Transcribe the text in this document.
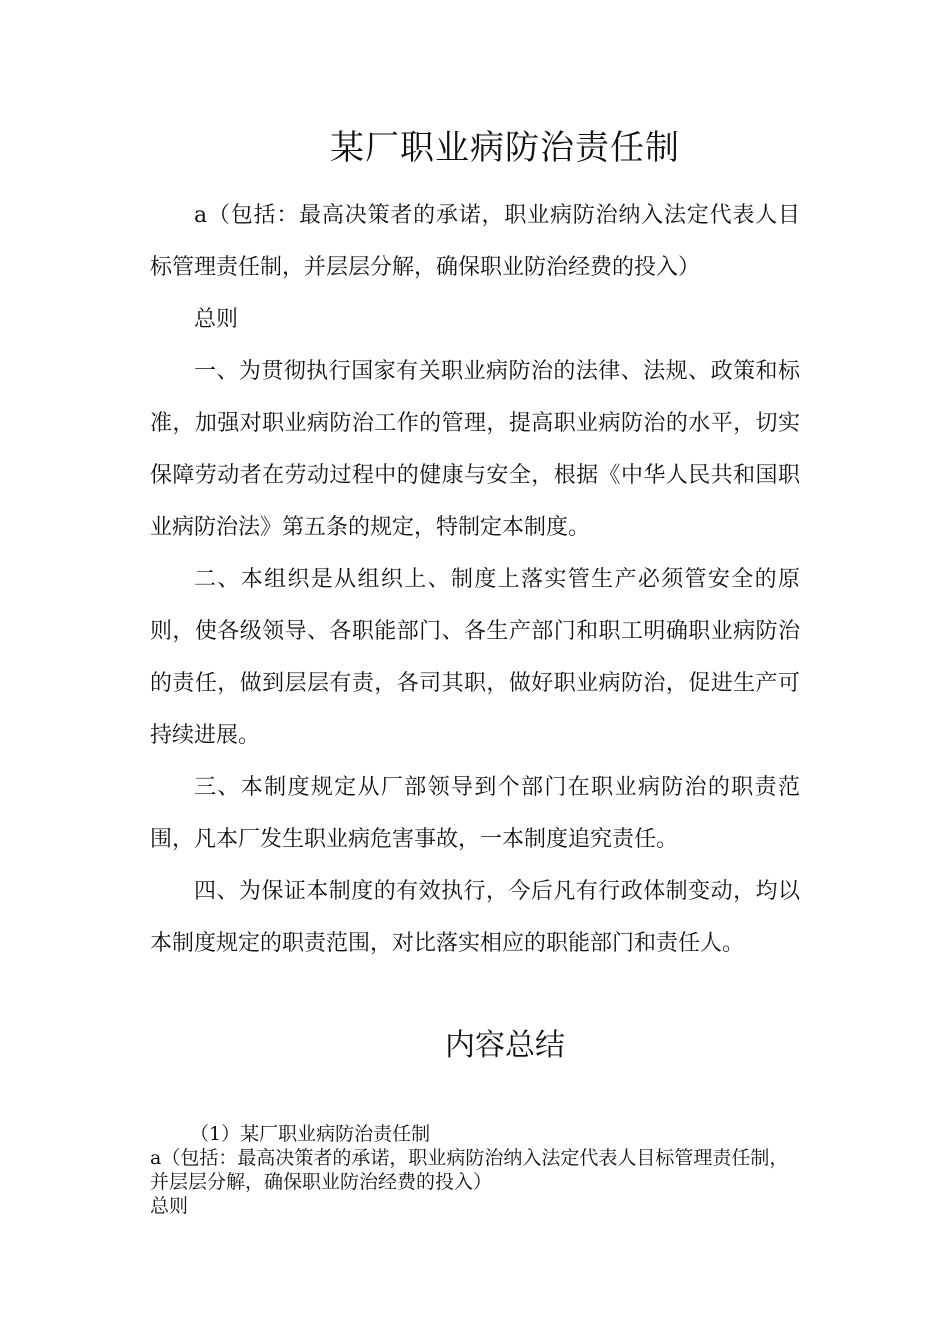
某厂职业病防治责任制

a（包括：最高决策者的承诺，职业病防治纳入法定代表人目标管理责任制，并层层分解，确保职业防治经费的投入）

总则

一、为贯彻执行国家有关职业病防治的法律、法规、政策和标准，加强对职业病防治工作的管理，提高职业病防治的水平，切实保障劳动者在劳动过程中的健康与安全，根据《中华人民共和国职业病防治法》第五条的规定，特制定本制度。

二、本组织是从组织上、制度上落实管生产必须管安全的原则，使各级领导、各职能部门、各生产部门和职工明确职业病防治的责任，做到层层有责，各司其职，做好职业病防治，促进生产可持续进展。

三、本制度规定从厂部领导到个部门在职业病防治的职责范围，凡本厂发生职业病危害事故，一本制度追究责任。

四、为保证本制度的有效执行，今后凡有行政体制变动，均以本制度规定的职责范围，对比落实相应的职能部门和责任人。

内容总结

（1）某厂职业病防治责任制

a（包括：最高决策者的承诺，职业病防治纳入法定代表人目标管理责任制，并层层分解，确保职业防治经费的投入）

总则
